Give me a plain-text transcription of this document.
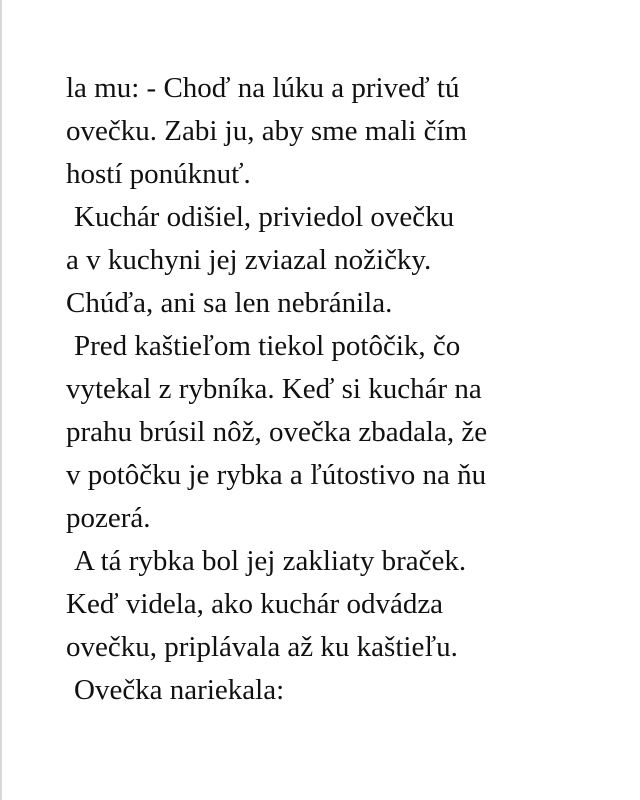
la mu: - Choď na lúku a priveď tú
ovečku. Zabi ju, aby sme mali čím
hostí ponúknuť.
Kuchár odišiel, priviedol ovečku
a v kuchyni jej zviazal nožičky.
Chúďa, ani sa len nebránila.
Pred kaštieľom tiekol potôčik, čo
vytekal z rybníka. Keď si kuchár na
prahu brúsil nôž, ovečka zbadala, že
v potôčku je rybka a ľútostivo na ňu
pozerá.
A tá rybka bol jej zakliaty braček.
Keď videla, ako kuchár odvádza
ovečku, priplávala až ku kaštieľu.
Ovečka nariekala:
